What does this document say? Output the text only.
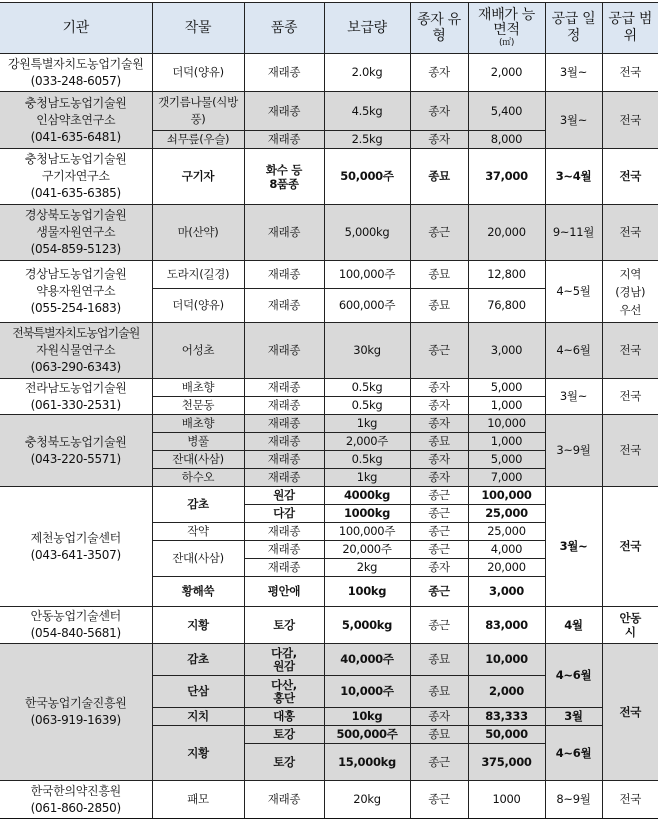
기관	작물	품종	보급량	종자 유형	재배가 능 면적
(㎡)	공급 일정	공급 범위

강원특별자치도농업기술원
(033-248-6057)	더덕(양유)	재래종	2.0kg	종자	2,000	3월~	전국

충청남도농업기술원
인삼약초연구소
(041-635-6481)	갯기름나물(식방풍)	재래종	4.5kg	종자	5,400	3월~	전국
	쇠무릎(우슬)	재래종	2.5kg	종자	8,000		

충청남도농업기술원
구기자연구소
(041-635-6385)	구기자	화수 등 8품종	50,000주	종묘	37,000	3~4월	전국

경상북도농업기술원
생물자원연구소
(054-859-5123)	마(산약)	재래종	5,000kg	종근	20,000	9~11월	전국

경상남도농업기술원
약용자원연구소
(055-254-1683)	도라지(길경)	재래종	100,000주	종묘	12,800	4~5월	지역 (경남) 우선
	더덕(양유)	재래종	600,000주	종묘	76,800		

전북특별자치도농업기술원
자원식물연구소
(063-290-6343)	어성초	재래종	30kg	종근	3,000	4~6월	전국

전라남도농업기술원
(061-330-2531)	배초향	재래종	0.5kg	종자	5,000	3월~	전국
	천문동	재래종	0.5kg	종자	1,000		

충청북도농업기술원
(043-220-5571)	배초향	재래종	1kg	종자	10,000	3~9월	전국
	병풀	재래종	2,000주	종묘	1,000		
	잔대(사삼)	재래종	0.5kg	종자	5,000		
	하수오	재래종	1kg	종자	7,000		

제천농업기술센터
(043-641-3507)	감초	원감	4000kg	종근	100,000	3월~	전국
		다감	1000kg	종근	25,000		
	작약	재래종	100,000주	종근	25,000		
	잔대(사삼)	재래종	20,000주	종근	4,000		
		재래종	2kg	종자	20,000		
	황해쑥	평안애	100kg	종근	3,000		

안동농업기술센터
(054-840-5681)	지황	토강	5,000kg	종근	83,000	4월	안동시

한국농업기술진흥원
(063-919-1639)	감초	다감, 원감	40,000주	종묘	10,000	4~6월	전국
	단삼	다산, 홍단	10,000주	종묘	2,000		
	지치	대홍	10kg	종자	83,333	3월	
	지황	토강	500,000주	종묘	50,000	4~6월	
		토강	15,000kg	종근	375,000		

한국한의약진흥원
(061-860-2850)	패모	재래종	20kg	종근	1000	8~9월	전국
